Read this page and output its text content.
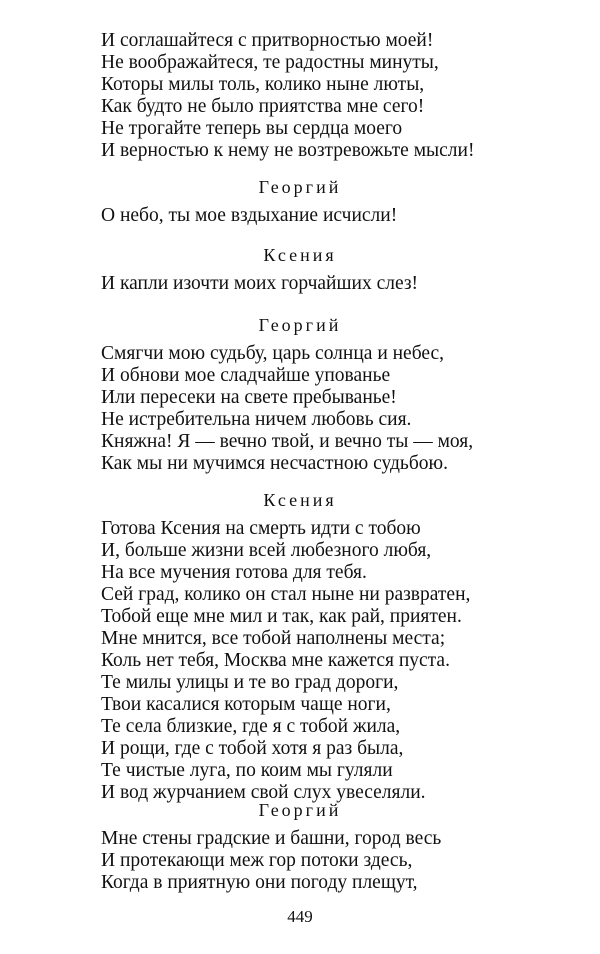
И соглашайтеся с притворностью моей!
Не воображайтеся, те радостны минуты,
Которы милы толь, колико ныне люты,
Как будто не было приятства мне сего!
Не трогайте теперь вы сердца моего
И верностью к нему не возтревожьте мысли!
Георгий
О небо, ты мое вздыхание исчисли!
Ксения
И капли изочти моих горчайших слез!
Георгий
Смягчи мою судьбу, царь солнца и небес,
И обнови мое сладчайше упованье
Или пересеки на свете пребыванье!
Не истребительна ничем любовь сия.
Княжна! Я — вечно твой, и вечно ты — моя,
Как мы ни мучимся несчастною судьбою.
Ксения
Готова Ксения на смерть идти с тобою
И, больше жизни всей любезного любя,
На все мучения готова для тебя.
Сей град, колико он стал ныне ни развратен,
Тобой еще мне мил и так, как рай, приятен.
Мне мнится, все тобой наполнены места;
Коль нет тебя, Москва мне кажется пуста.
Те милы улицы и те во град дороги,
Твои касалися которым чаще ноги,
Те села близкие, где я с тобой жила,
И рощи, где с тобой хотя я раз была,
Те чистые луга, по коим мы гуляли
И вод журчанием свой слух увеселяли.
Георгий
Мне стены градские и башни, город весь
И протекающи меж гор потоки здесь,
Когда в приятную они погоду плещут,
449
